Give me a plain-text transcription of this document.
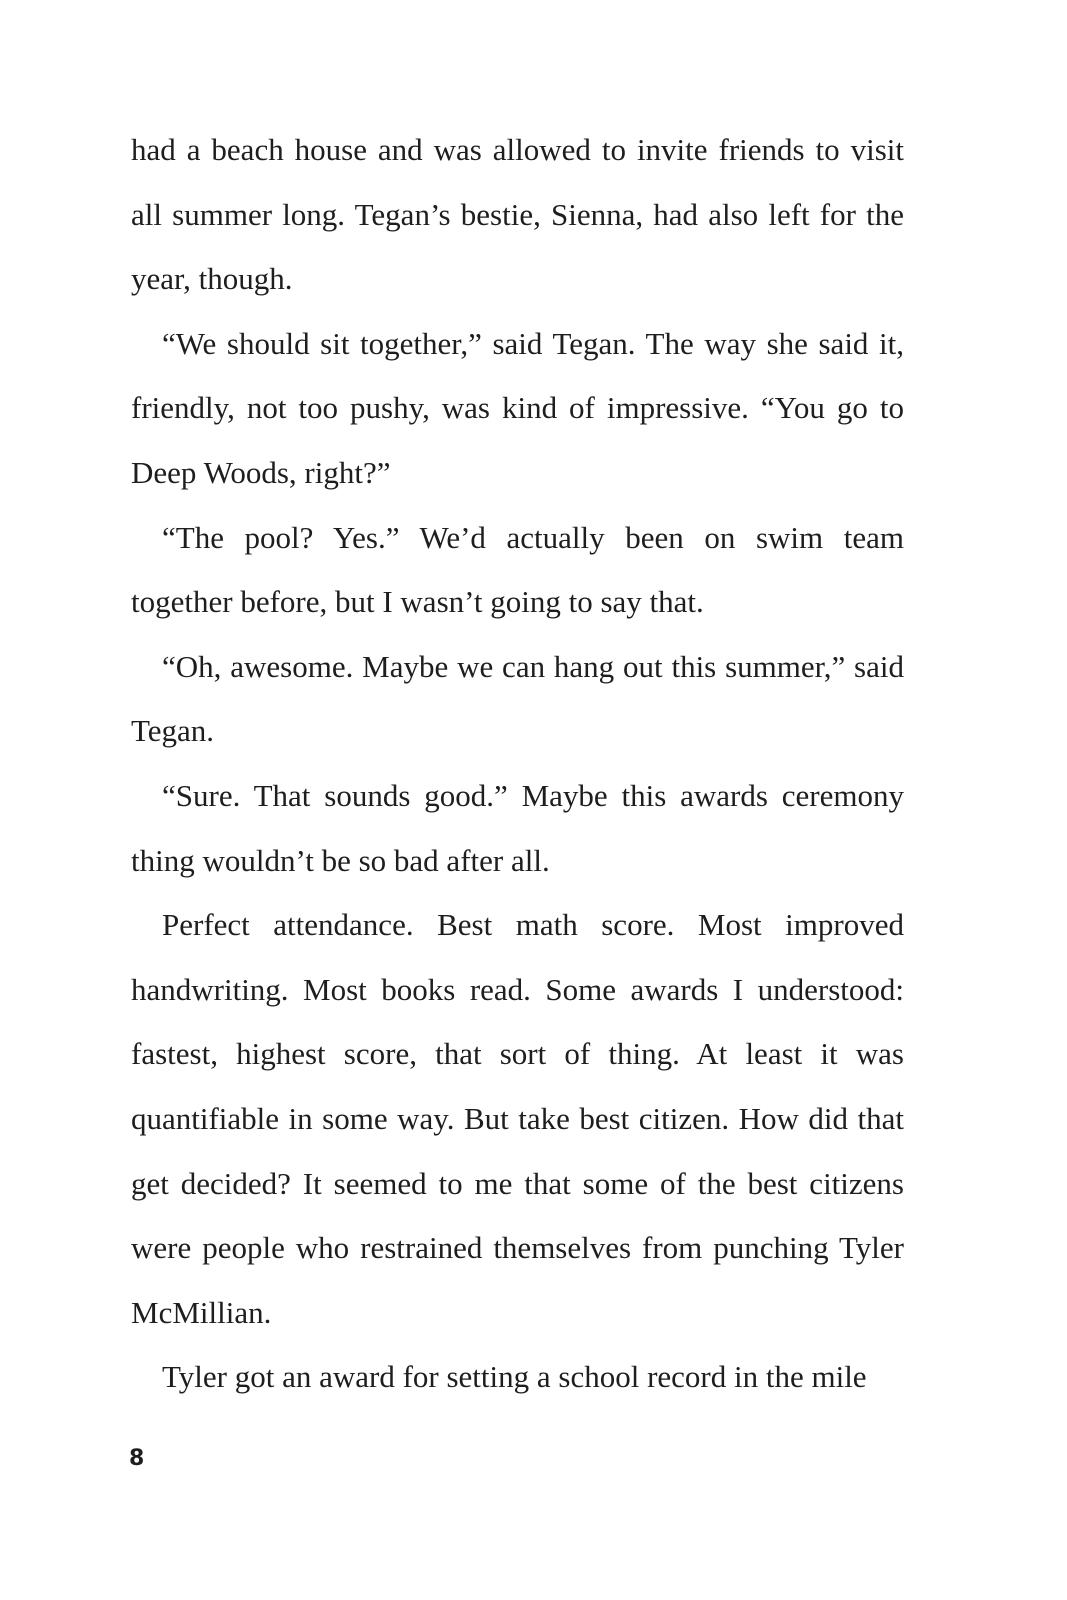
had a beach house and was allowed to invite friends to visit all summer long. Tegan’s bestie, Sienna, had also left for the year, though.

“We should sit together,” said Tegan. The way she said it, friendly, not too pushy, was kind of impressive. “You go to Deep Woods, right?”

“The pool? Yes.” We’d actually been on swim team together before, but I wasn’t going to say that.

“Oh, awesome. Maybe we can hang out this summer,” said Tegan.

“Sure. That sounds good.” Maybe this awards ceremony thing wouldn’t be so bad after all.

Perfect attendance. Best math score. Most improved handwriting. Most books read. Some awards I understood: fastest, highest score, that sort of thing. At least it was quantifiable in some way. But take best citizen. How did that get decided? It seemed to me that some of the best citizens were people who restrained themselves from punching Tyler McMillian.

Tyler got an award for setting a school record in the mile

8
